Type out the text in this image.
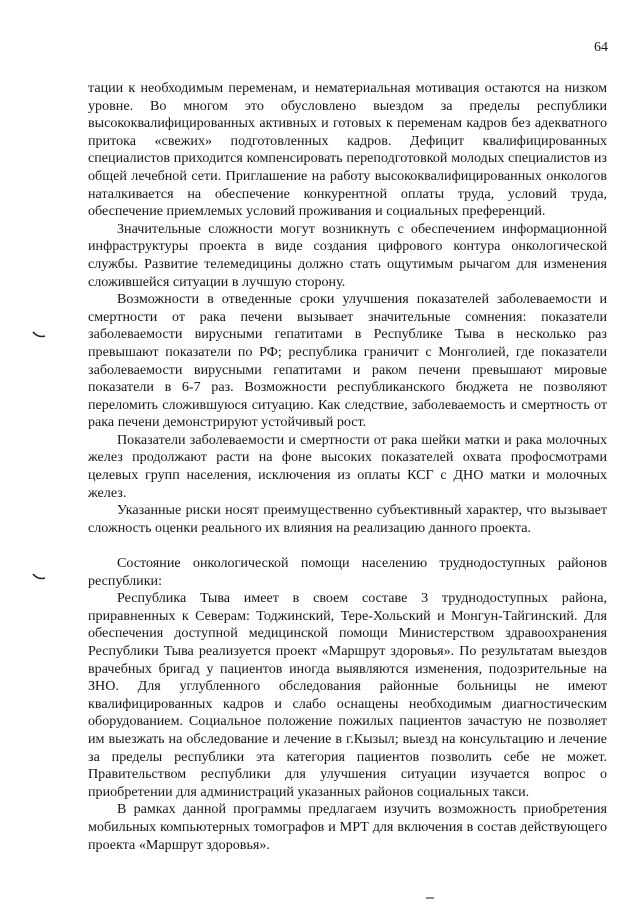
64

тации к необходимым переменам, и нематериальная мотивация остаются на низком уровне. Во многом это обусловлено выездом за пределы республики высококвалифицированных активных и готовых к переменам кадров без адекватного притока «свежих» подготовленных кадров. Дефицит квалифицированных специалистов приходится компенсировать переподготовкой молодых специалистов из общей лечебной сети. Приглашение на работу высококвалифицированных онкологов наталкивается на обеспечение конкурентной оплаты труда, условий труда, обеспечение приемлемых условий проживания и социальных преференций.

Значительные сложности могут возникнуть с обеспечением информационной инфраструктуры проекта в виде создания цифрового контура онкологической службы. Развитие телемедицины должно стать ощутимым рычагом для изменения сложившейся ситуации в лучшую сторону.

Возможности в отведенные сроки улучшения показателей заболеваемости и смертности от рака печени вызывает значительные сомнения: показатели заболеваемости вирусными гепатитами в Республике Тыва в несколько раз превышают показатели по РФ; республика граничит с Монголией, где показатели заболеваемости вирусными гепатитами и раком печени превышают мировые показатели в 6-7 раз. Возможности республиканского бюджета не позволяют переломить сложившуюся ситуацию. Как следствие, заболеваемость и смертность от рака печени демонстрируют устойчивый рост.

Показатели заболеваемости и смертности от рака шейки матки и рака молочных желез продолжают расти на фоне высоких показателей охвата профосмотрами целевых групп населения, исключения из оплаты КСГ с ДНО матки и молочных желез.

Указанные риски носят преимущественно субъективный характер, что вызывает сложность оценки реального их влияния на реализацию данного проекта.

Состояние онкологической помощи населению труднодоступных районов республики:

Республика Тыва имеет в своем составе 3 труднодоступных района, приравненных к Северам: Тоджинский, Тере-Хольский и Монгун-Тайгинский. Для обеспечения доступной медицинской помощи Министерством здравоохранения Республики Тыва реализуется проект «Маршрут здоровья». По результатам выездов врачебных бригад у пациентов иногда выявляются изменения, подозрительные на ЗНО. Для углубленного обследования районные больницы не имеют квалифицированных кадров и слабо оснащены необходимым диагностическим оборудованием. Социальное положение пожилых пациентов зачастую не позволяет им выезжать на обследование и лечение в г.Кызыл; выезд на консультацию и лечение за пределы республики эта категория пациентов позволить себе не может. Правительством республики для улучшения ситуации изучается вопрос о приобретении для администраций указанных районов социальных такси.

В рамках данной программы предлагаем изучить возможность приобретения мобильных компьютерных томографов и МРТ для включения в состав действующего проекта «Маршрут здоровья».
